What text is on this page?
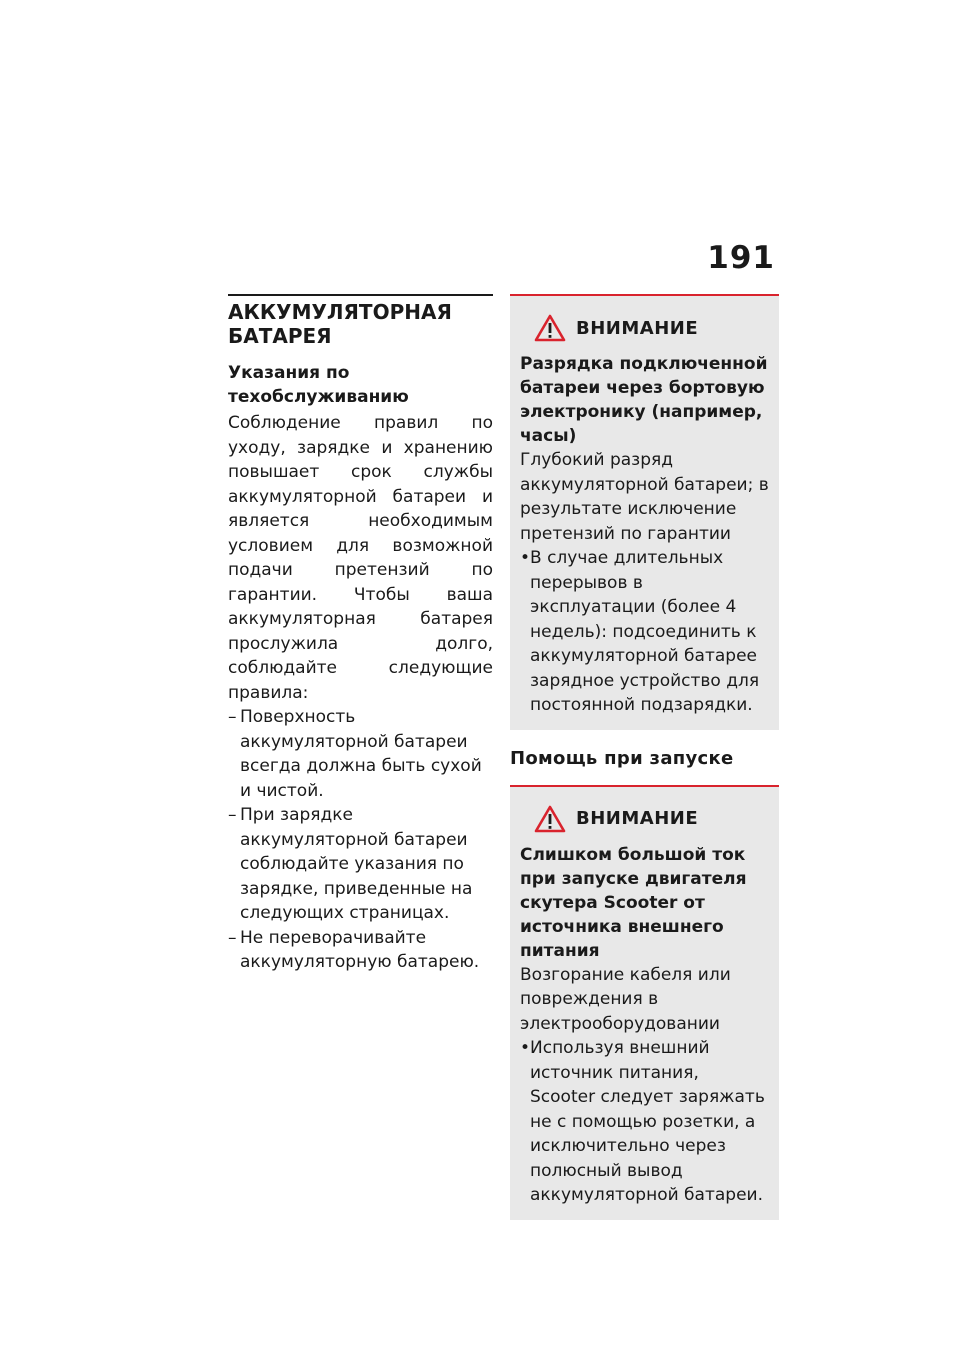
191
АККУМУЛЯТОРНАЯ БАТАРЕЯ
Указания по техобслуживанию

Соблюдение правил по уходу, зарядке и хранению повышает срок службы аккумуляторной батареи и является необходимым условием для возможной подачи претензий по гарантии. Чтобы ваша аккумуляторная батарея прослужила долго, соблюдайте следующие правила:

– Поверхность аккумуляторной батареи всегда должна быть сухой и чистой.
– При зарядке аккумуляторной батареи соблюдайте указания по зарядке, приведенные на следующих страницах.
– Не переворачивайте аккумуляторную батарею.
ВНИМАНИЕ
Разрядка подключенной батареи через бортовую электронику (например, часы)

Глубокий разряд аккумуляторной батареи; в результате исключение претензий по гарантии

• В случае длительных перерывов в эксплуатации (более 4 недель): подсоединить к аккумуляторной батарее зарядное устройство для постоянной подзарядки.
Помощь при запуске
ВНИМАНИЕ
Слишком большой ток при запуске двигателя скутера Scooter от источника внешнего питания

Возгорание кабеля или повреждения в электрооборудовании

• Используя внешний источник питания, Scooter следует заряжать не с помощью розетки, а исключительно через полюсный вывод аккумуляторной батареи.
